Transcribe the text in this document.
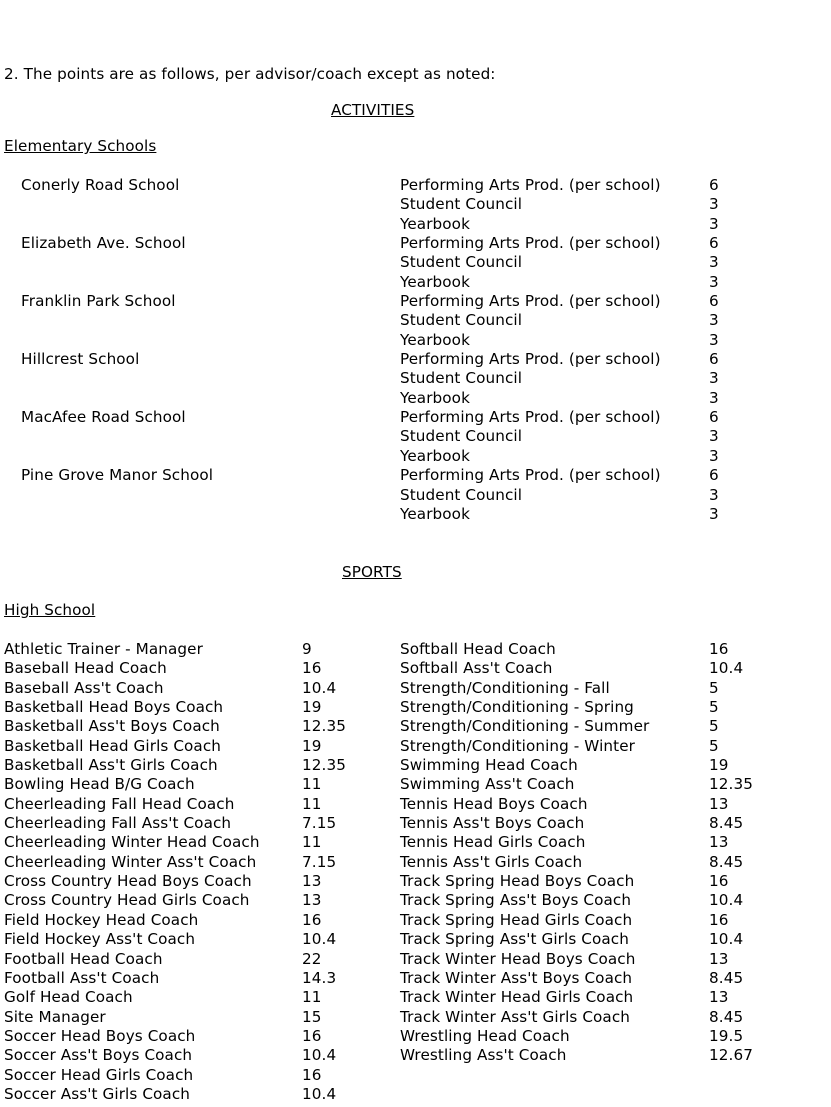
2. The points are as follows, per advisor/coach except as noted:
ACTIVITIES
Elementary Schools
Conerly Road School	Performing Arts Prod. (per school)	6
Student Council	3
Yearbook	3
Elizabeth Ave. School	Performing Arts Prod. (per school)	6
Student Council	3
Yearbook	3
Franklin Park School	Performing Arts Prod. (per school)	6
Student Council	3
Yearbook	3
Hillcrest School	Performing Arts Prod. (per school)	6
Student Council	3
Yearbook	3
MacAfee Road School	Performing Arts Prod. (per school)	6
Student Council	3
Yearbook	3
Pine Grove Manor School	Performing Arts Prod. (per school)	6
Student Council	3
Yearbook	3
SPORTS
High School
Athletic Trainer - Manager	9
Baseball Head Coach	16
Baseball Ass't Coach	10.4
Basketball Head Boys Coach	19
Basketball Ass't Boys Coach	12.35
Basketball Head Girls Coach	19
Basketball Ass't Girls Coach	12.35
Bowling Head B/G Coach	11
Cheerleading Fall Head Coach	11
Cheerleading Fall Ass't Coach	7.15
Cheerleading Winter Head Coach	11
Cheerleading Winter Ass't Coach	7.15
Cross Country Head Boys Coach	13
Cross Country Head Girls Coach	13
Field Hockey Head Coach	16
Field Hockey Ass't Coach	10.4
Football Head Coach	22
Football Ass't Coach	14.3
Golf Head Coach	11
Site Manager	15
Soccer Head Boys Coach	16
Soccer Ass't Boys Coach	10.4
Soccer Head Girls Coach	16
Soccer Ass't Girls Coach	10.4
Softball Head Coach	16
Softball Ass't Coach	10.4
Strength/Conditioning - Fall	5
Strength/Conditioning - Spring	5
Strength/Conditioning - Summer	5
Strength/Conditioning - Winter	5
Swimming Head Coach	19
Swimming Ass't Coach	12.35
Tennis Head Boys Coach	13
Tennis Ass't Boys Coach	8.45
Tennis Head Girls Coach	13
Tennis Ass't Girls Coach	8.45
Track Spring Head Boys Coach	16
Track Spring Ass't Boys Coach	10.4
Track Spring Head Girls Coach	16
Track Spring Ass't Girls Coach	10.4
Track Winter Head Boys Coach	13
Track Winter Ass't Boys Coach	8.45
Track Winter Head Girls Coach	13
Track Winter Ass't Girls Coach	8.45
Wrestling Head Coach	19.5
Wrestling Ass't Coach	12.67
